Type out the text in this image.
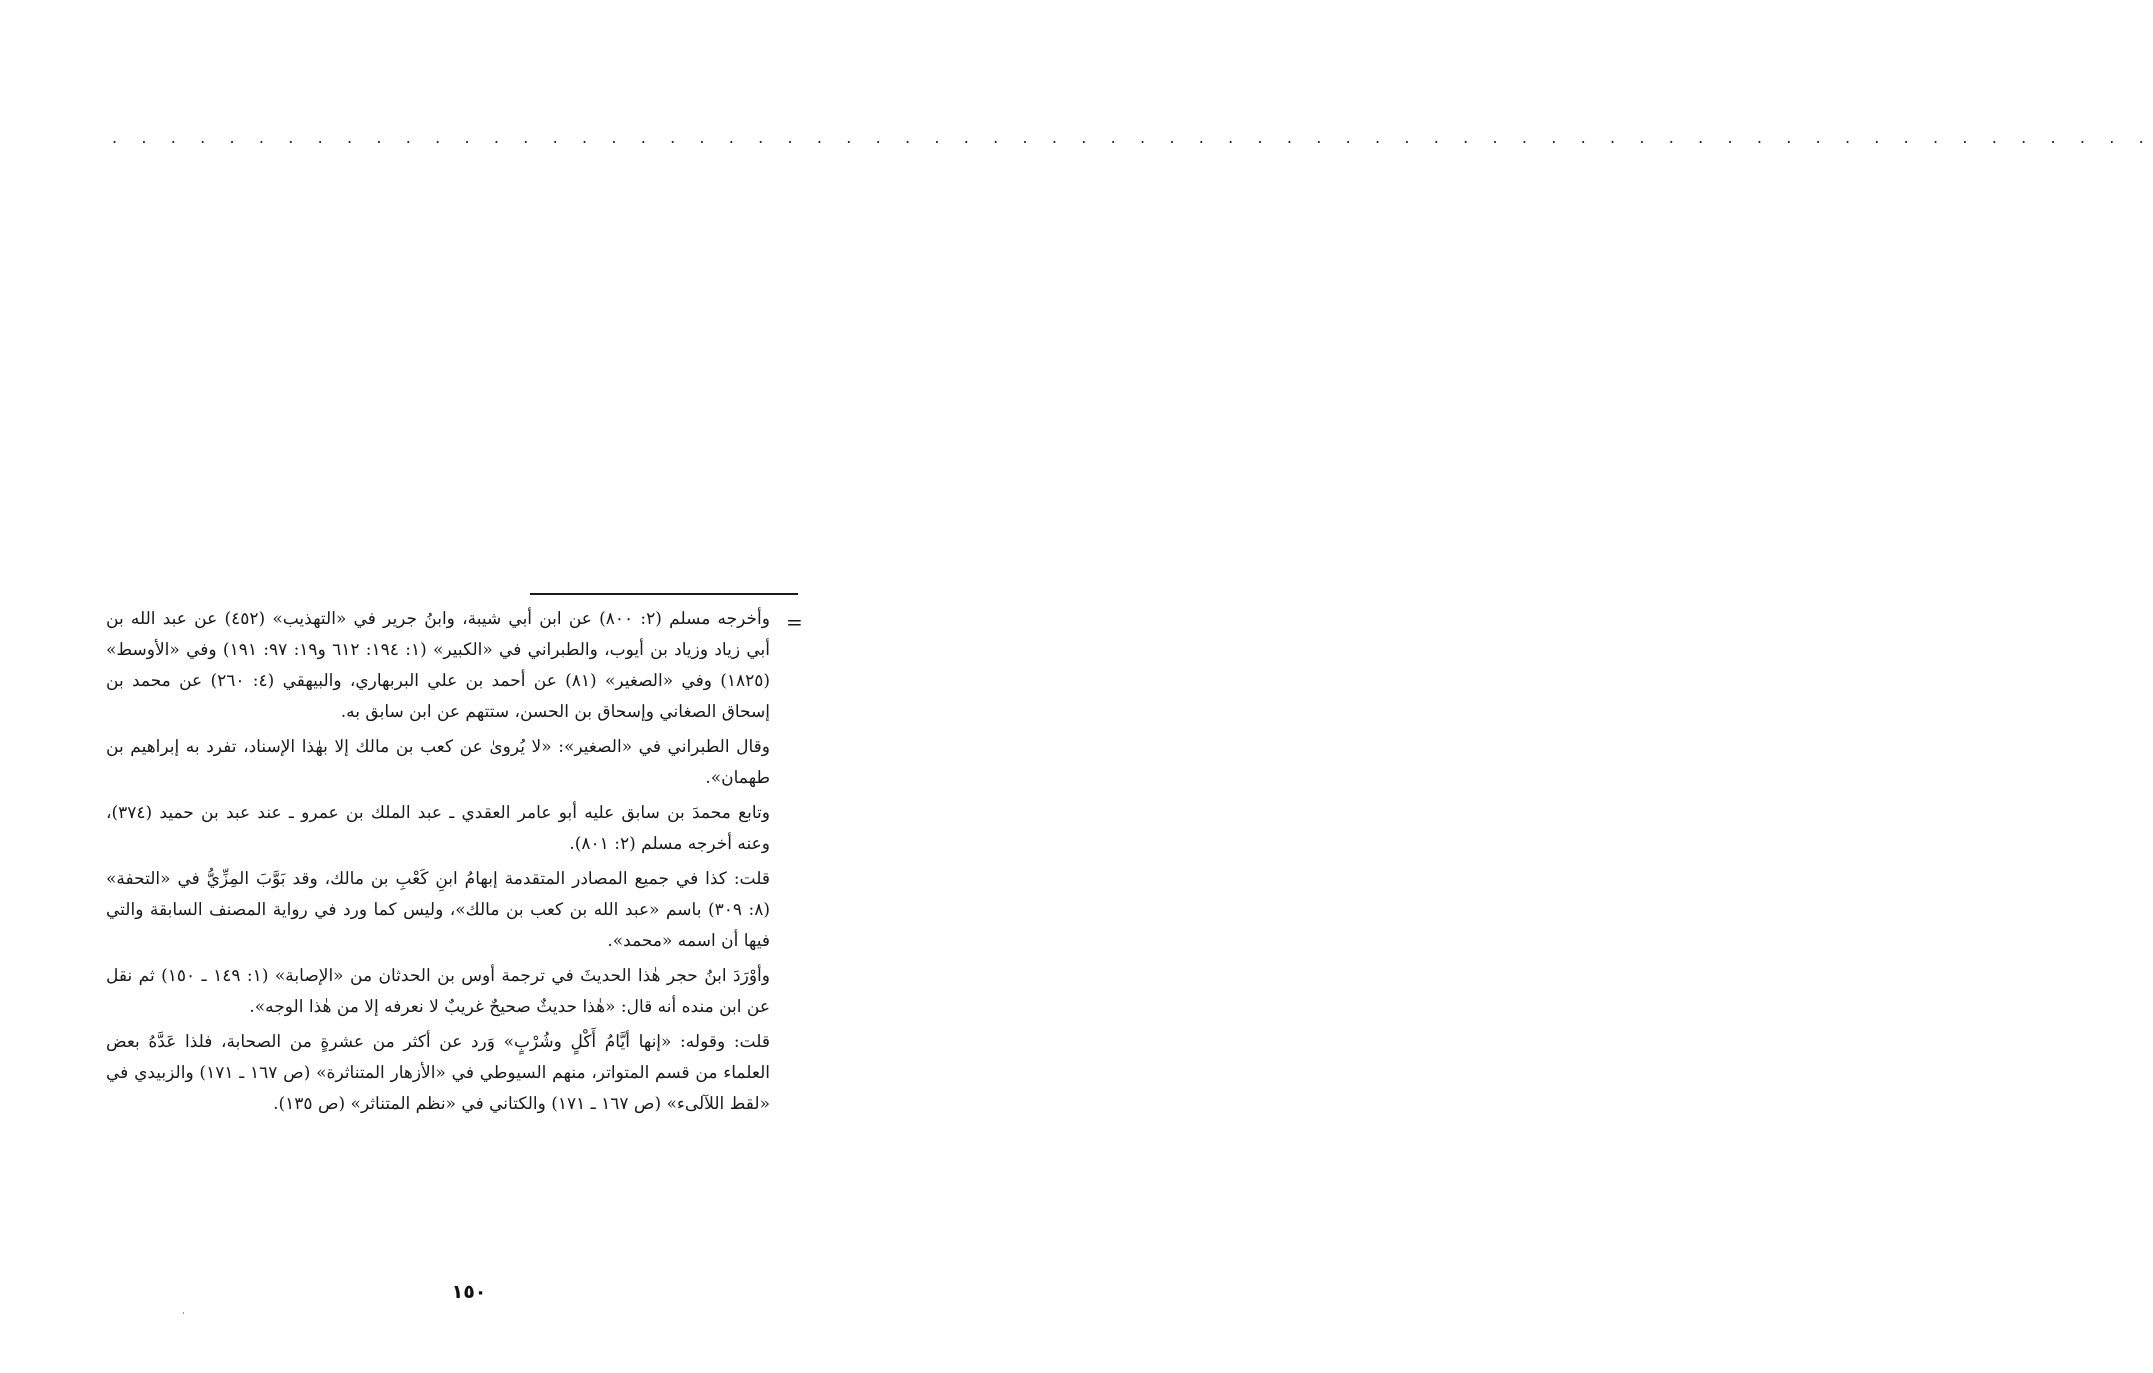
. . . . . . . . . . . . . . . . . . . . . . . . . . . . . . . . . . . . . . . . . . . . . . . . . . . . . . . . . . . . . . . . . . . . . .
=

وأخرجه مسلم (٢: ٨٠٠) عن ابن أبي شيبة، وابنُ جرير في «التهذيب» (٤٥٢) عن عبد الله بن أبي زياد وزياد بن أيوب، والطبراني في «الكبير» (١: ١٩٤: ٦١٢ و١٩: ٩٧: ١٩١) وفي «الأوسط» (١٨٢٥) وفي «الصغير» (٨١) عن أحمد بن علي البربهاري، والبيهقي (٤: ٢٦٠) عن محمد بن إسحاق الصغاني وإسحاق بن الحسن، ستتهم عن ابن سابق به.

وقال الطبراني في «الصغير»: «لا يُروىٰ عن كعب بن مالك إلا بهٰذا الإسناد، تفرد به إبراهيم بن طهمان».

وتابع محمدَ بن سابق عليه أبو عامر العقدي ـ عبد الملك بن عمرو ـ عند عبد بن حميد (٣٧٤)، وعنه أخرجه مسلم (٢: ٨٠١).

قلت: كذا في جميع المصادر المتقدمة إبهامُ ابنِ كَعْبِ بن مالك، وقد بَوَّبَ المِزِّيُّ في «التحفة» (٨: ٣٠٩) باسم «عبد الله بن كعب بن مالك»، وليس كما ورد في رواية المصنف السابقة والتي فيها أن اسمه «محمد».

وأوْرَدَ ابنُ حجر هٰذا الحديثَ في ترجمة أوس بن الحدثان من «الإصابة» (١: ١٤٩ ـ ١٥٠) ثم نقل عن ابن منده أنه قال: «هٰذا حديثٌ صحيحٌ غريبٌ لا نعرفه إلا من هٰذا الوجه».

قلت: وقوله: «إنها أيَّامُ أَكْلٍ وشُرْبٍ» وَرد عن أكثر من عشرةٍ من الصحابة، فلذا عَدَّهُ بعض العلماء من قسم المتواتر، منهم السيوطي في «الأزهار المتناثرة» (ص ١٦٧ ـ ١٧١) والزبيدي في «لقط اللآلىء» (ص ١٦٧ ـ ١٧١) والكتاني في «نظم المتناثر» (ص ١٣٥).

١٥٠
